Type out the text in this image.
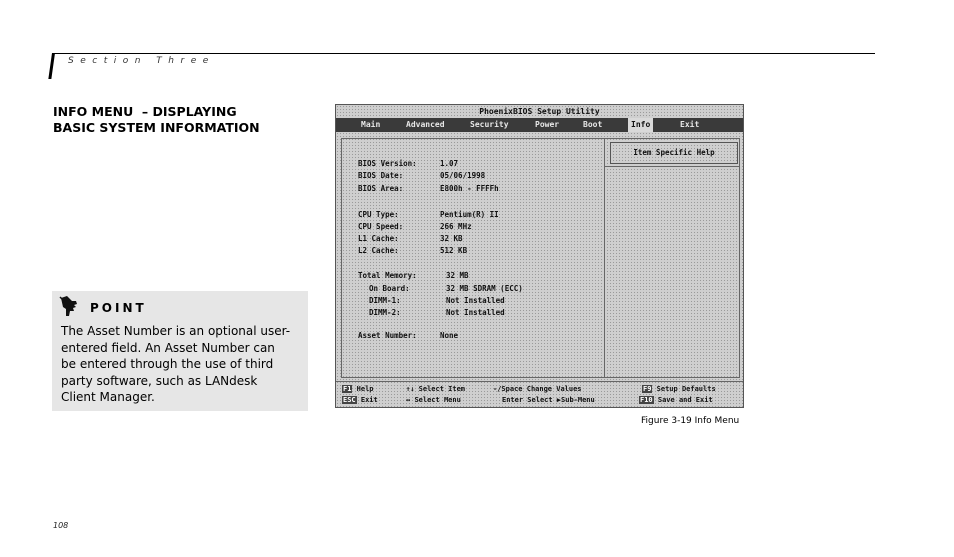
Section Three
INFO MENU  – DISPLAYING
BASIC SYSTEM INFORMATION
POINT
The Asset Number is an optional user-
entered field. An Asset Number can
be entered through the use of third
party software, such as LANdesk
Client Manager.
PhoenixBIOS Setup Utility
Main	Advanced	Security	Power	Boot	Info	Exit
Item Specific Help
BIOS Version:	1.07
BIOS Date:	05/06/1998
BIOS Area:	E800h - FFFFh
CPU Type:	Pentium(R) II
CPU Speed:	266 MHz
L1 Cache:	32 KB
L2 Cache:	512 KB
Total Memory:	32 MB
On Board:	32 MB SDRAM (ECC)
DIMM-1:	Not Installed
DIMM-2:	Not Installed
Asset Number:	None
F1 Help	↑↓ Select Item	-/Space Change Values	F9 Setup Defaults
ESC Exit	↔ Select Menu	Enter Select ▶Sub-Menu	F10 Save and Exit
Figure 3-19 Info Menu
108
